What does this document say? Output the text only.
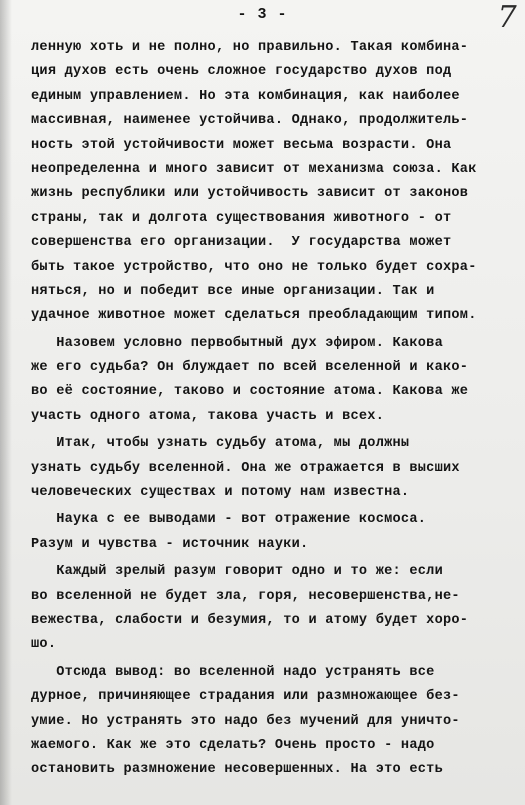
- 3 -	7
ленную хоть и не полно, но правильно. Такая комбина-
ция духов есть очень сложное государство духов под
единым управлением. Но эта комбинация, как наиболее
массивная, наименее устойчива. Однако, продолжитель-
ность этой устойчивости может весьма возрасти. Она
неопределенна и много зависит от механизма союза. Как
жизнь республики или устойчивость зависит от законов
страны, так и долгота существования животного - от
совершенства его организации.  У государства может
быть такое устройство, что оно не только будет сохра-
няться, но и победит все иные организации. Так и
удачное животное может сделаться преобладающим типом.
Назовем условно первобытный дух эфиром. Какова
же его судьба? Он блуждает по всей вселенной и како-
во её состояние, таково и состояние атома. Какова же
участь одного атома, такова участь и всех.
Итак, чтобы узнать судьбу атома, мы должны
узнать судьбу вселенной. Она же отражается в высших
человеческих существах и потому нам известна.
Наука с ее выводами - вот отражение космоса.
Разум и чувства - источник науки.
Каждый зрелый разум говорит одно и то же: если
во вселенной не будет зла, горя, несовершенства,не-
вежества, слабости и безумия, то и атому будет хоро-
шо.
Отсюда вывод: во вселенной надо устранять все
дурное, причиняющее страдания или размножающее без-
умие. Но устранять это надо без мучений для уничто-
жаемого. Как же это сделать? Очень просто - надо
остановить размножение несовершенных. На это есть
